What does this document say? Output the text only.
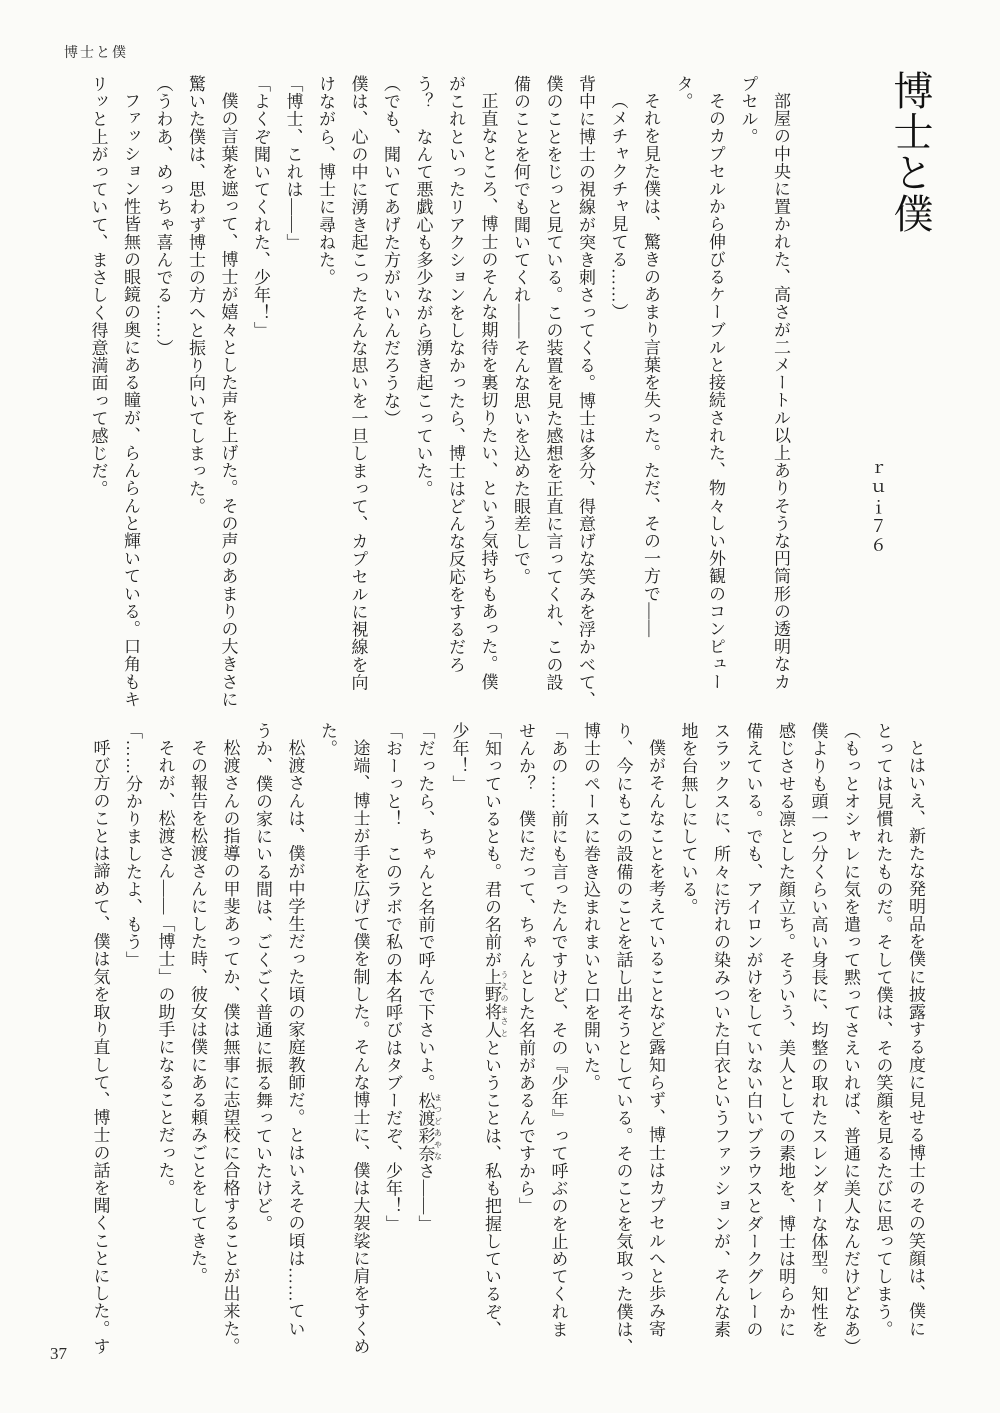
博士と僕
博士と僕
ｒｕｉ７６

部屋の中央に置かれた、高さが二メートル以上ありそうな円筒形の透明なカ

プセル。

そのカプセルから伸びるケーブルと接続された、物々しい外観のコンピュー

タ。

それを見た僕は、驚きのあまり言葉を失った。ただ、その一方で――

（メチャクチャ見てる……）

背中に博士の視線が突き刺さってくる。博士は多分、得意げな笑みを浮かべて、

僕のことをじっと見ている。この装置を見た感想を正直に言ってくれ、この設

備のことを何でも聞いてくれ――そんな思いを込めた眼差しで。

正直なところ、博士のそんな期待を裏切りたい、という気持ちもあった。僕

がこれといったリアクションをしなかったら、博士はどんな反応をするだろ

う？　なんて悪戯心も多少ながら湧き起こっていた。

（でも、聞いてあげた方がいいんだろうな）

僕は、心の中に湧き起こったそんな思いを一旦しまって、カプセルに視線を向

けながら、博士に尋ねた。

「博士、これは――」

「よくぞ聞いてくれた、少年！」

僕の言葉を遮って、博士が嬉々とした声を上げた。その声のあまりの大きさに

驚いた僕は、思わず博士の方へと振り向いてしまった。

（うわあ、めっちゃ喜んでる……）

ファッション性皆無の眼鏡の奥にある瞳が、らんらんと輝いている。口角もキ

リッと上がっていて、まさしく得意満面って感じだ。

とはいえ、新たな発明品を僕に披露する度に見せる博士のその笑顔は、僕に

とっては見慣れたものだ。そして僕は、その笑顔を見るたびに思ってしまう。

（もっとオシャレに気を遣って黙ってさえいれば、普通に美人なんだけどなあ）

僕よりも頭一つ分くらい高い身長に、均整の取れたスレンダーな体型。知性を

感じさせる凛とした顔立ち。そういう、美人としての素地を、博士は明らかに

備えている。でも、アイロンがけをしていない白いブラウスとダークグレーの

スラックスに、所々に汚れの染みついた白衣というファッションが、そんな素

地を台無しにしている。

僕がそんなことを考えていることなど露知らず、博士はカプセルへと歩み寄

り、今にもこの設備のことを話し出そうとしている。そのことを気取った僕は、

博士のペースに巻き込まれまいと口を開いた。

「あの……前にも言ったんですけど、その『少年』って呼ぶのを止めてくれま

せんか？　僕にだって、ちゃんとした名前があるんですから」

「知っているとも。君の名前が上野将人 うえのまさとということは、私も把握しているぞ、

少年！」

「だったら、ちゃんと名前で呼んで下さいよ。松渡彩奈 まつどあやなさ――」

「おーっと！　このラボで私の本名呼びはタブーだぞ、少年！」

途端、博士が手を広げて僕を制した。そんな博士に、僕は大袈裟に肩をすくめ

た。

松渡さんは、僕が中学生だった頃の家庭教師だ。とはいえその頃は……てい

うか、僕の家にいる間は、ごくごく普通に振る舞っていたけど。

松渡さんの指導の甲斐あってか、僕は無事に志望校に合格することが出来た。

その報告を松渡さんにした時、彼女は僕にある頼みごとをしてきた。

それが、松渡さん――「博士」の助手になることだった。

「……分かりましたよ、もう」

呼び方のことは諦めて、僕は気を取り直して、博士の話を聞くことにした。す

37
